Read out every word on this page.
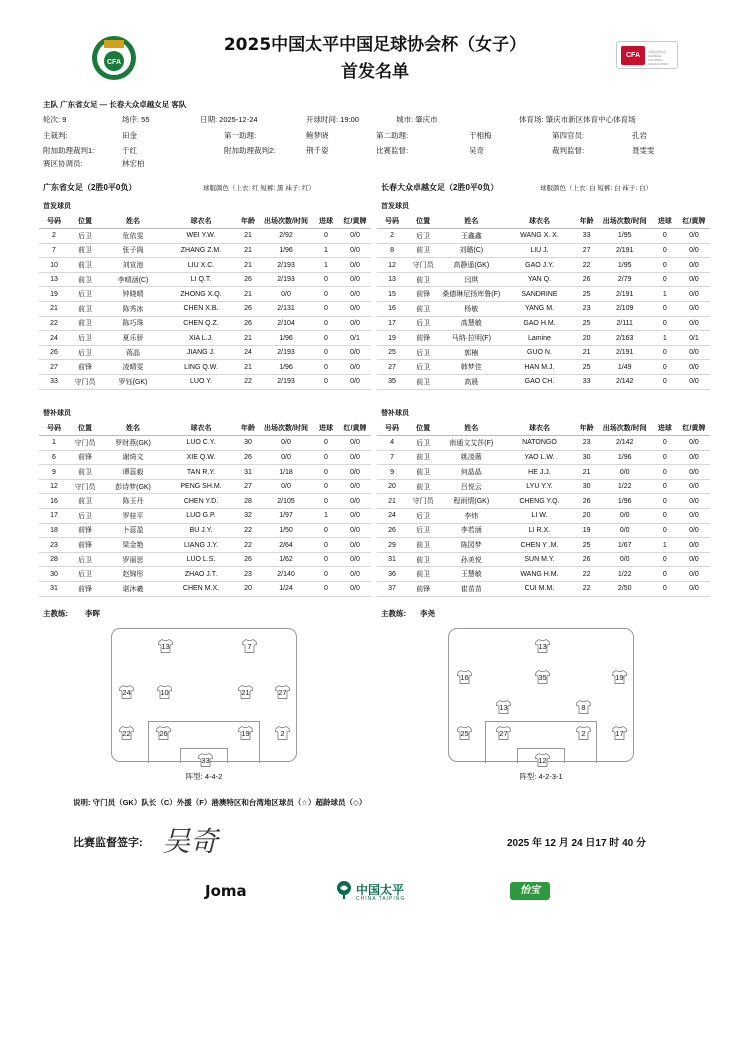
CFA
2025中国太平中国足球协会杯（女子）
首发名单
CFA	中国足球协会 CHINESE FOOTBALL ASSOCIATION
主队 广东省女足 — 长春大众卓越女足 客队
轮次: 9	场序: 55	日期: 2025-12-24	开球时间: 19:00	城市: 肇庆市	体育场: 肇庆市新区体育中心体育场
主裁判:	田金	第一助理:	鲍梦晓	第二助理:	于相梅	第四官员:	孔岩
附加助理裁判1:	于红	附加助理裁判2:	荆千姿	比赛监督:	吴奇	裁判监督:	聂雯雯
赛区协调员:	林宏柏
广东省女足（2胜0平0负）	球服颜色（上衣: 红 短裤: 黑 袜子: 红）	长春大众卓越女足（2胜0平0负）	球服颜色（上衣: 白 短裤: 白 袜子: 白）
首发球员	首发球员
号码	位置	姓名	球衣名	年龄	出场次数/时间	进球	红/黄牌
2	后卫	危依雯	WEI Y.W.	21	2/92	0	0/0
7	前卫	张子阁	ZHANG Z.M.	21	1/96	1	0/0
10	前卫	刘宣池	LIU X.C.	21	2/193	1	0/0
13	前卫	李晴涵(C)	LI Q.T.	26	2/193	0	0/0
19	后卫	钟晓晴	ZHONG X.Q.	21	0/0	0	0/0
21	前卫	陈秀冰	CHEN X.B.	26	2/131	0	0/0
22	前卫	陈巧珠	CHEN Q.Z.	26	2/104	0	0/0
24	后卫	夏乐骄	XIA L.J.	21	1/96	0	0/1
26	后卫	蒋晶	JIANG J.	24	2/193	0	0/0
27	前锋	凌晴雯	LING Q.W.	21	1/96	0	0/0
33	守门员	罗钰(GK)	LUO Y.	22	2/193	0	0/0
号码	位置	姓名	球衣名	年龄	出场次数/时间	进球	红/黄牌
2	后卫	王鑫鑫	WANG X. X.	33	1/95	0	0/0
8	前卫	刘璐(C)	LIU J.	27	2/191	0	0/0
12	守门员	高静遥(GK)	GAO J.Y.	22	1/95	0	0/0
13	前卫	闫琪	YAN Q.	26	2/79	0	0/0
15	前锋	桑德琳尼扬库鲁(F)	SANDRINE	25	2/191	1	0/0
16	前卫	杨敏	YANG M.	23	2/109	0	0/0
17	后卫	高慧敏	GAO H.M.	25	2/111	0	0/0
19	前锋	马纳·拉明(F)	Lamine	20	2/163	1	0/1
25	后卫	郭楠	GUO N.	21	2/191	0	0/0
27	后卫	韩梦佳	HAN M.J.	25	1/49	0	0/0
35	前卫	高晨	GAO CH.	33	2/142	0	0/0
替补球员	替补球员
号码	位置	姓名	球衣名	年龄	出场次数/时间	进球	红/黄牌
1	守门员	罗财燕(GK)	LUO C.Y.	30	0/0	0	0/0
6	前锋	谢绮文	XIE Q.W.	26	0/0	0	0/0
9	前卫	谭蕊毅	TAN R.Y.	31	1/18	0	0/0
12	守门员	彭诗梦(GK)	PENG SH.M.	27	0/0	0	0/0
16	前卫	陈玉丹	CHEN Y.D.	28	2/105	0	0/0
17	后卫	罗桂平	LUO G.P.	32	1/97	1	0/0
18	前锋	卜蕊盈	BU J.Y.	22	1/50	0	0/0
23	前锋	梁金艳	LIANG J.Y.	22	2/64	0	0/0
28	后卫	罗丽思	LUO L.S.	26	1/62	0	0/0
30	后卫	赵锦彤	ZHAO J.T.	23	2/140	0	0/0
31	前锋	谌沐羲	CHEN M.X.	20	1/24	0	0/0
号码	位置	姓名	球衣名	年龄	出场次数/时间	进球	红/黄牌
4	后卫	南通文艾莎(F)	NATONGO	23	2/142	0	0/0
7	前卫	姚凌薇	YAO L.W.	30	1/96	0	0/0
9	前卫	何晶晶	HE J.J.	21	0/0	0	0/0
20	前卫	吕悦云	LYU Y.Y.	30	1/22	0	0/0
21	守门员	程雨情(GK)	CHENG Y.Q.	26	1/96	0	0/0
24	后卫	李炜	LI W.	20	0/0	0	0/0
26	后卫	李若涵	LI R.X.	19	0/0	0	0/0
29	前卫	陈园梦	CHEN Y .M.	25	1/67	1	0/0
31	前卫	孙美悦	SUN M.Y.	26	0/0	0	0/0
36	前卫	王慧敏	WANG H.M.	22	1/22	0	0/0
37	前锋	崔苗苗	CUI M.M.	22	2/50	0	0/0
主教练: 李晖	主教练: 李尧
13	7
24	10	21	27
22	26	19	2
33
阵型: 4-4-2
13
16	35	19
13	8
25	27	2	17
12
阵型: 4-2-3-1
说明: 守门员（GK）队长（C）外援（F）港澳特区和台湾地区球员（☆）超龄球员（◇）
比赛监督签字: 吴奇	2025 年 12 月 24 日17 时 40 分
Joma	中国太平
CHINA TAIPING
怡宝
